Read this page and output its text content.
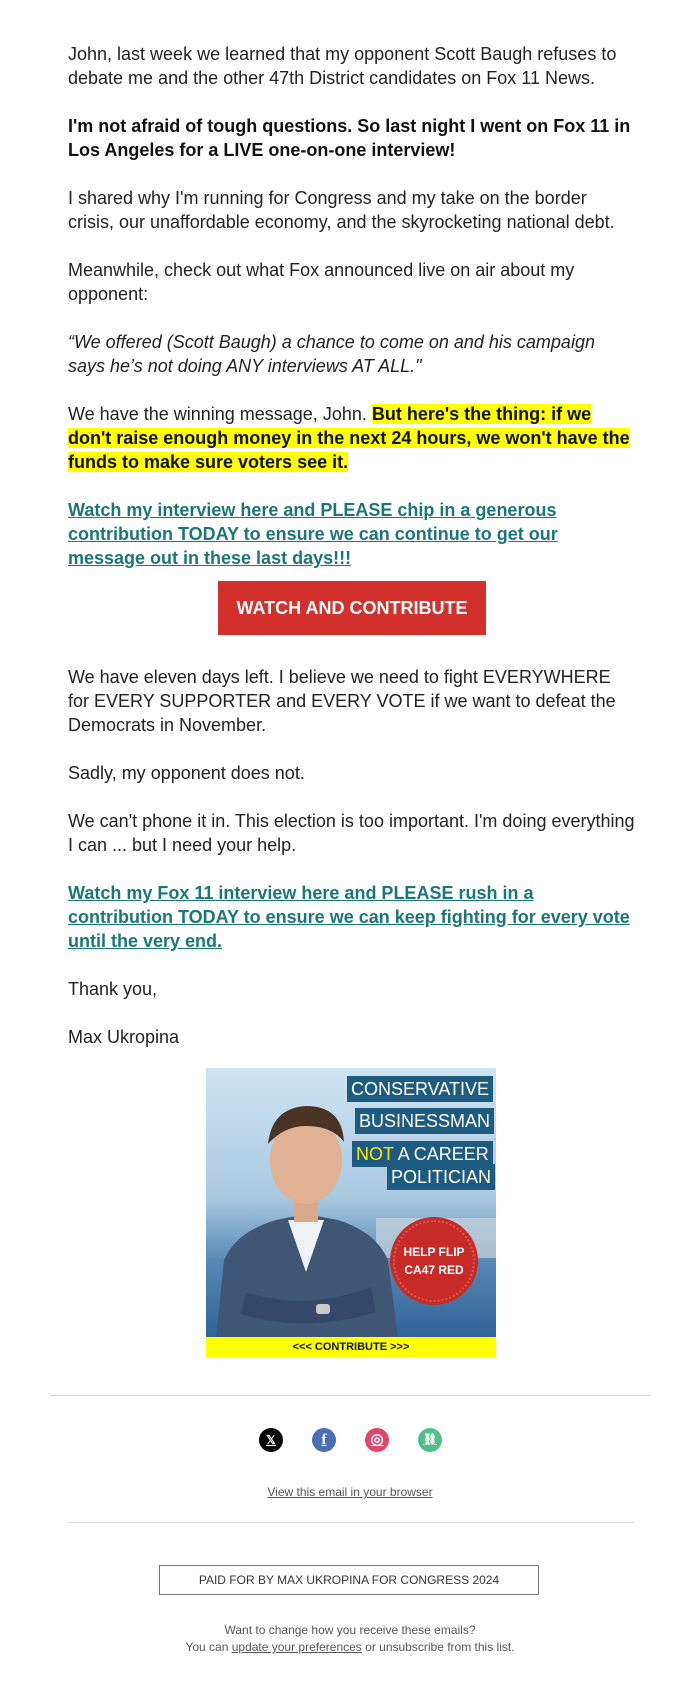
John, last week we learned that my opponent Scott Baugh refuses to debate me and the other 47th District candidates on Fox 11 News.

I'm not afraid of tough questions. So last night I went on Fox 11 in Los Angeles for a LIVE one-on-one interview!

I shared why I'm running for Congress and my take on the border crisis, our unaffordable economy, and the skyrocketing national debt.

Meanwhile, check out what Fox announced live on air about my opponent:

“We offered (Scott Baugh) a chance to come on and his campaign says he’s not doing ANY interviews AT ALL."

We have the winning message, John. But here's the thing: if we don't raise enough money in the next 24 hours, we won't have the funds to make sure voters see it.

Watch my interview here and PLEASE chip in a generous contribution TODAY to ensure we can continue to get our message out in these last days!!!

WATCH AND CONTRIBUTE

We have eleven days left. I believe we need to fight EVERYWHERE for EVERY SUPPORTER and EVERY VOTE if we want to defeat the Democrats in November.

Sadly, my opponent does not.

We can't phone it in. This election is too important. I'm doing everything I can ... but I need your help.

Watch my Fox 11 interview here and PLEASE rush in a contribution TODAY to ensure we can keep fighting for every vote until the very end.

Thank you,

Max Ukropina

CONSERVATIVE
BUSINESSMAN
NOT A CAREER
POLITICIAN
HELP FLIP
CA47 RED
<<< CONTRIBUTE >>>
𝕏	f	◎	⛓
View this email in your browser
PAID FOR BY MAX UKROPINA FOR CONGRESS 2024
Want to change how you receive these emails?
You can update your preferences or unsubscribe from this list.
